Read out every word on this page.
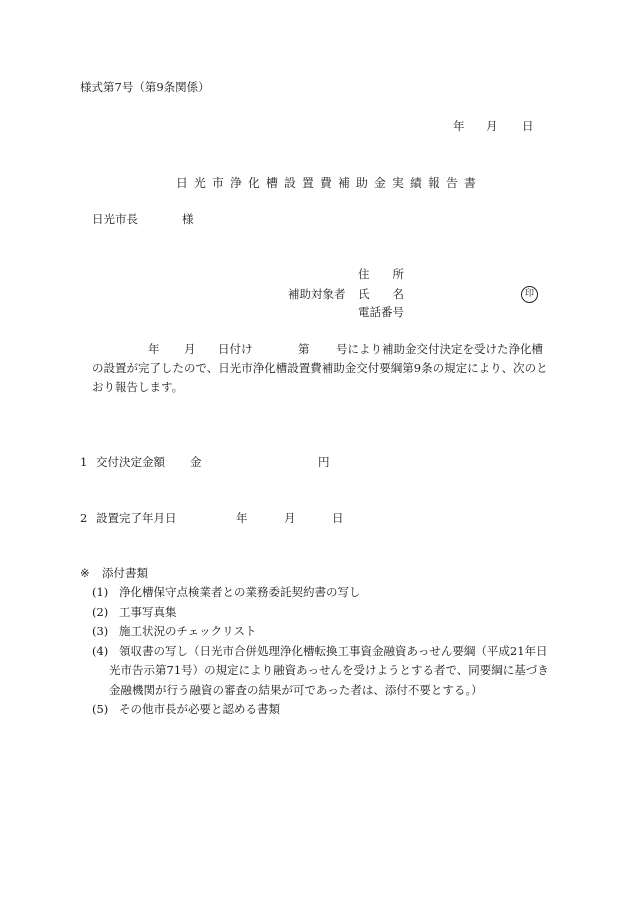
様式第7号（第9条関係）
年 月 日
日光市浄化槽設置費補助金実績報告書
日光市長	様
住　　所
補助対象者 氏　　名	印
電話番号
年 月 日付け	第 号により補助金交付決定を受けた浄化槽
の設置が完了したので、日光市浄化槽設置費補助金交付要綱第9条の規定により、次のと
おり報告します。
1 交付決定金額 金	円
2 設置完了年月日	年	月	日
※ 添付書類
(1) 浄化槽保守点検業者との業務委託契約書の写し
(2) 工事写真集
(3) 施工状況のチェックリスト
(4) 領収書の写し（日光市合併処理浄化槽転換工事資金融資あっせん要綱（平成21年日
光市告示第71号）の規定により融資あっせんを受けようとする者で、同要綱に基づき
金融機関が行う融資の審査の結果が可であった者は、添付不要とする。）
(5) その他市長が必要と認める書類
